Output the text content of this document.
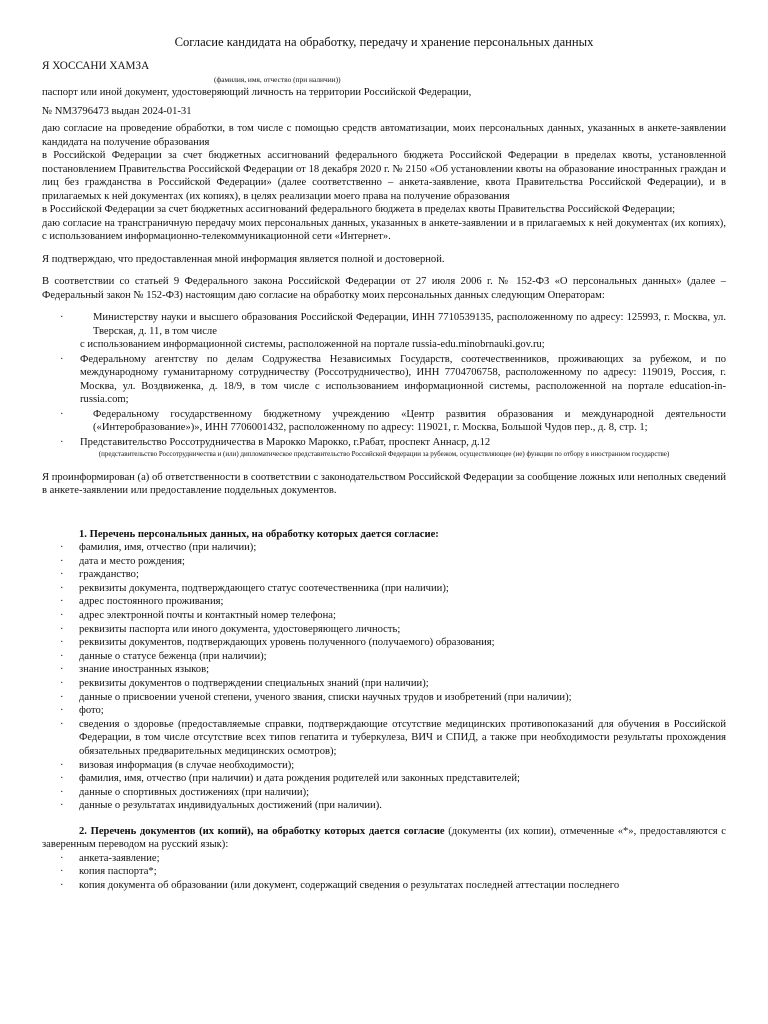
Согласие кандидата на обработку, передачу и хранение персональных данных
Я ХОССАНИ ХАМЗА
(фамилия, имя, отчество (при наличии))

паспорт или иной документ, удостоверяющий личность на территории Российской Федерации,

№ NM3796473 выдан 2024-01-31

даю согласие на проведение обработки, в том числе с помощью средств автоматизации, моих персональных данных, указанных в анкете-заявлении кандидата на получение образования

в Российской Федерации за счет бюджетных ассигнований федерального бюджета Российской Федерации в пределах квоты, установленной постановлением Правительства Российской Федерации от 18 декабря 2020 г. № 2150 «Об установлении квоты на образование иностранных граждан и лиц без гражданства в Российской Федерации» (далее соответственно – анкета-заявление, квота Правительства Российской Федерации), и в прилагаемых к ней документах (их копиях), в целях реализации моего права на получение образования

в Российской Федерации за счет бюджетных ассигнований федерального бюджета в пределах квоты Правительства Российской Федерации;

даю согласие на трансграничную передачу моих персональных данных, указанных в анкете-заявлении и в прилагаемых к ней документах (их копиях), с использованием информационно-телекоммуникационной сети «Интернет».

Я подтверждаю, что предоставленная мной информация является полной и достоверной.

В соответствии со статьей 9 Федерального закона Российской Федерации от 27 июля 2006 г. № 152-ФЗ «О персональных данных» (далее – Федеральный закон № 152-ФЗ) настоящим даю согласие на обработку моих персональных данных следующим Операторам:

·	Министерству науки и высшего образования Российской Федерации, ИНН 7710539135, расположенному по адресу: 125993, г. Москва, ул. Тверская, д. 11, в том числе
с использованием информационной системы, расположенной на портале russia-edu.minobrnauki.gov.ru;
· Федеральному агентству по делам Содружества Независимых Государств, соотечественников, проживающих за рубежом, и по международному гуманитарному сотрудничеству (Россотрудничество), ИНН 7704706758, расположенному по адресу: 119019, Россия, г. Москва, ул. Воздвиженка, д. 18/9, в том числе с использованием информационной системы, расположенной на портале education-in-russia.com;
·	Федеральному государственному бюджетному учреждению «Центр развития образования и международной деятельности («Интеробразование»)», ИНН 7706001432, расположенному по адресу: 119021, г. Москва, Большой Чудов пер., д. 8, стр. 1;
· Представительство Россотрудничества в Марокко Марокко, г.Рабат, проспект Аннаср, д.12
(представительство Россотрудничества и (или) дипломатическое представительство Российской Федерации за рубежом, осуществляющее (ие) функции по отбору в иностранном государстве)

Я проинформирован (а) об ответственности в соответствии с законодательством Российской Федерации за сообщение ложных или неполных сведений в анкете-заявлении или предоставление поддельных документов.

1. Перечень персональных данных, на обработку которых дается согласие:
· фамилия, имя, отчество (при наличии);
· дата и место рождения;
· гражданство;
· реквизиты документа, подтверждающего статус соотечественника (при наличии);
· адрес постоянного проживания;
· адрес электронной почты и контактный номер телефона;
· реквизиты паспорта или иного документа, удостоверяющего личность;
· реквизиты документов, подтверждающих уровень полученного (получаемого) образования;
· данные о статусе беженца (при наличии);
· знание иностранных языков;
· реквизиты документов о подтверждении специальных знаний (при наличии);
· данные о присвоении ученой степени, ученого звания, списки научных трудов и изобретений (при наличии);
· фото;
· сведения о здоровье (предоставляемые справки, подтверждающие отсутствие медицинских противопоказаний для обучения в Российской Федерации, в том числе отсутствие всех типов гепатита и туберкулеза, ВИЧ и СПИД, а также при необходимости результаты прохождения обязательных предварительных медицинских осмотров);
· визовая информация (в случае необходимости);
· фамилия, имя, отчество (при наличии) и дата рождения родителей или законных представителей;
· данные о спортивных достижениях (при наличии);
· данные о результатах индивидуальных достижений (при наличии).

2. Перечень документов (их копий), на обработку которых дается согласие (документы (их копии), отмеченные «*», предоставляются с заверенным переводом на русский язык):

· анкета-заявление;
· копия паспорта*;
· копия документа об образовании (или документ, содержащий сведения о результатах последней аттестации последнего
